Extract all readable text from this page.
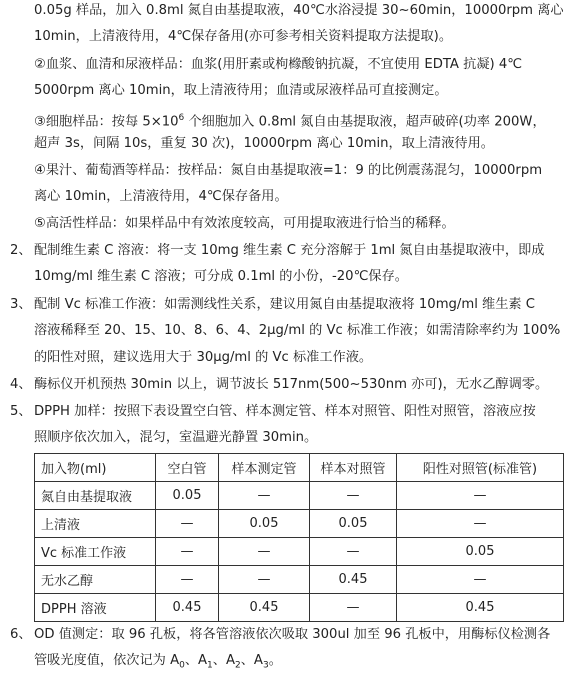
0.05g 样品，加入 0.8ml 氮自由基提取液，40℃水浴浸提 30~60min，10000rpm 离心
10min，上清液待用，4℃保存备用(亦可参考相关资料提取方法提取)。
②血浆、血清和尿液样品：血浆(用肝素或枸橼酸钠抗凝，不宜使用 EDTA 抗凝) 4℃
5000rpm 离心 10min，取上清液待用；血清或尿液样品可直接测定。
③细胞样品：按每 $5\times 10^6$ 个细胞加入 0.8ml 氮自由基提取液，超声破碎(功率 200W，
超声 3s，间隔 10s，重复 30 次)，10000rpm 离心 10min，取上清液待用。
④果汁、葡萄酒等样品：按样品：氮自由基提取液=1：9 的比例震荡混匀，10000rpm
离心 10min，上清液待用，4℃保存备用。
⑤高活性样品：如果样品中有效浓度较高，可用提取液进行恰当的稀释。
2、 配制维生素 C 溶液：将一支 10mg 维生素 C 充分溶解于 1ml 氮自由基提取液中，即成
10mg/ml 维生素 C 溶液；可分成 0.1ml 的小份，-20℃保存。
3、 配制 Vc 标准工作液：如需测线性关系，建议用氮自由基提取液将 10mg/ml 维生素 C
溶液稀释至 20、15、10、8、6、4、2μg/ml 的 Vc 标准工作液；如需清除率约为 100%
的阳性对照，建议选用大于 30μg/ml 的 Vc 标准工作液。
4、 酶标仪开机预热 30min 以上，调节波长 517nm(500~530nm 亦可)，无水乙醇调零。
5、 DPPH 加样：按照下表设置空白管、样本测定管、样本对照管、阳性对照管，溶液应按
照顺序依次加入，混匀，室温避光静置 30min。
加入物(ml)	空白管	样本测定管	样本对照管	阳性对照管(标准管)
氮自由基提取液	0.05	—	—	—
上清液	—	0.05	0.05	—
Vc 标准工作液	—	—	—	0.05
无水乙醇	—	—	0.45	—
DPPH 溶液	0.45	0.45	—	0.45
6、 OD 值测定：取 96 孔板，将各管溶液依次吸取 300ul 加至 96 孔板中，用酶标仪检测各
管吸光度值，依次记为 $A_0$、$A_1$、$A_2$、$A_3$。
